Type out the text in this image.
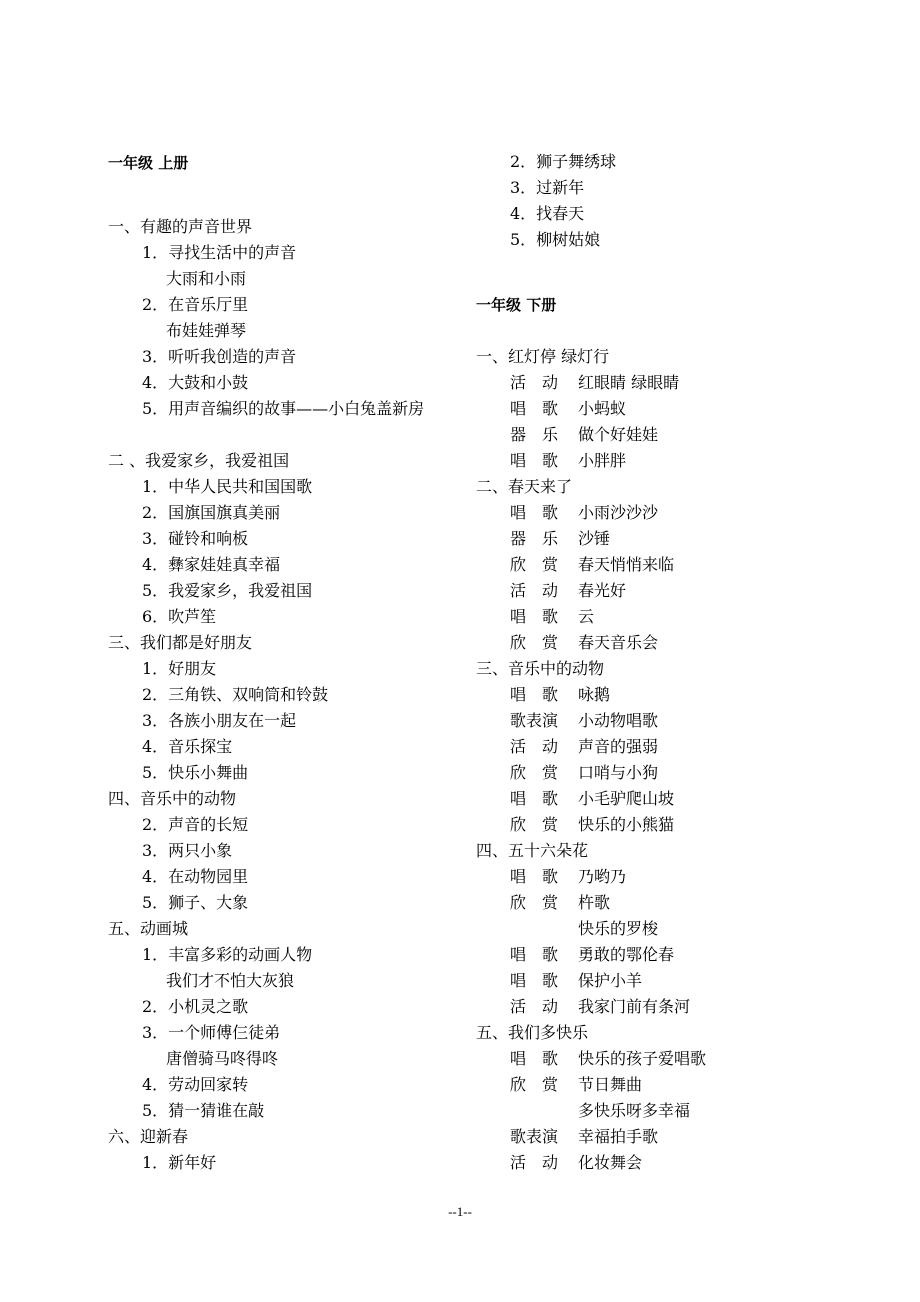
一年级 上册
一、有趣的声音世界
1．寻找生活中的声音
大雨和小雨
2．在音乐厅里
布娃娃弹琴
3．听听我创造的声音
4．大鼓和小鼓
5．用声音编织的故事——小白兔盖新房
二 、我爱家乡，我爱祖国
1．中华人民共和国国歌
2．国旗国旗真美丽
3．碰铃和响板
4．彝家娃娃真幸福
5．我爱家乡，我爱祖国
6．吹芦笙
三、我们都是好朋友
1．好朋友
2．三角铁、双响筒和铃鼓
3．各族小朋友在一起
4．音乐探宝
5．快乐小舞曲
四、音乐中的动物
2．声音的长短
3．两只小象
4．在动物园里
5．狮子、大象
五、动画城
1．丰富多彩的动画人物
我们才不怕大灰狼
2．小机灵之歌
3．一个师傅仨徒弟
唐僧骑马咚得咚
4．劳动回家转
5．猜一猜谁在敲
六、迎新春
1．新年好
2．狮子舞绣球
3．过新年
4．找春天
5．柳树姑娘
一年级 下册
一、红灯停 绿灯行
活　动 红眼睛 绿眼睛
唱　歌 小蚂蚁
器　乐 做个好娃娃
唱　歌 小胖胖
二、春天来了
唱　歌 小雨沙沙沙
器　乐 沙锤
欣　赏 春天悄悄来临
活　动 春光好
唱　歌 云
欣　赏 春天音乐会
三、音乐中的动物
唱　歌 咏鹅
歌表演 小动物唱歌
活　动 声音的强弱
欣　赏 口哨与小狗
唱　歌 小毛驴爬山坡
欣　赏 快乐的小熊猫
四、五十六朵花
唱　歌 乃哟乃
欣　赏 杵歌
快乐的罗梭
唱　歌 勇敢的鄂伦春
唱　歌 保护小羊
活　动 我家门前有条河
五、我们多快乐
唱　歌 快乐的孩子爱唱歌
欣　赏 节日舞曲
多快乐呀多幸福
歌表演 幸福拍手歌
活　动 化妆舞会
--1--
